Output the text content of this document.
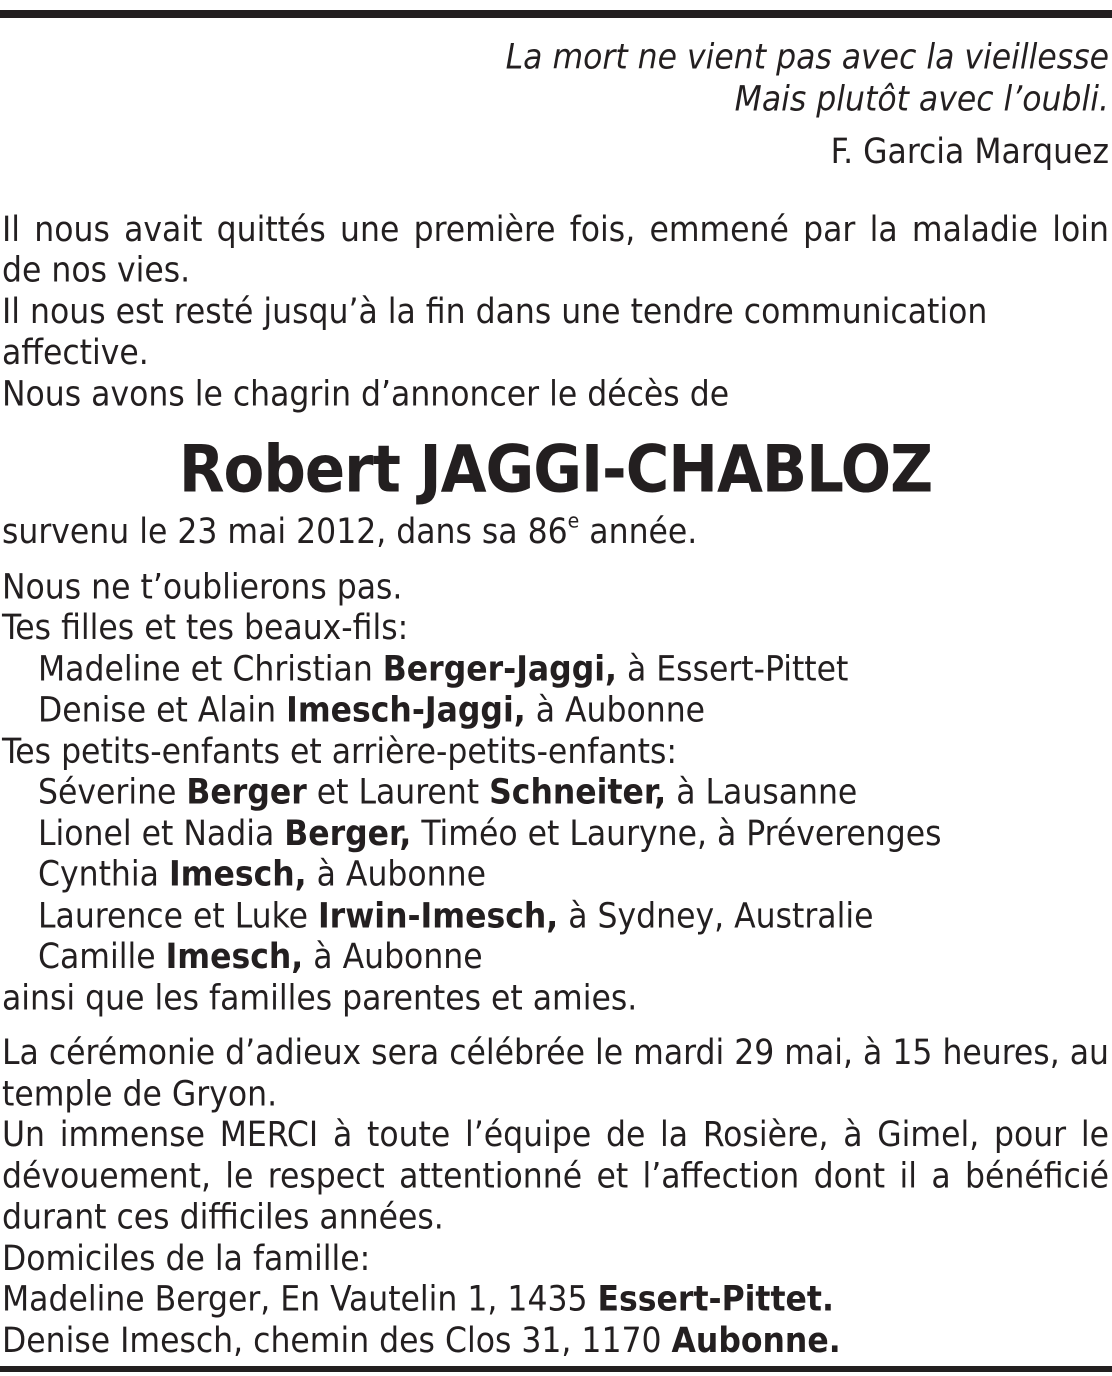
La mort ne vient pas avec la vieillesse
Mais plutôt avec l’oubli.
F. Garcia Marquez
Il nous avait quittés une première fois, emmené par la maladie loin de nos vies.
Il nous est resté jusqu’à la fin dans une tendre communication affective.
Nous avons le chagrin d’annoncer le décès de
Robert JAGGI-CHABLOZ
survenu le 23 mai 2012, dans sa 86e année.
Nous ne t’oublierons pas.
Tes filles et tes beaux-fils:
Madeline et Christian Berger-Jaggi, à Essert-Pittet
Denise et Alain Imesch-Jaggi, à Aubonne
Tes petits-enfants et arrière-petits-enfants:
Séverine Berger et Laurent Schneiter, à Lausanne
Lionel et Nadia Berger, Timéo et Lauryne, à Préverenges
Cynthia Imesch, à Aubonne
Laurence et Luke Irwin-Imesch, à Sydney, Australie
Camille Imesch, à Aubonne
ainsi que les familles parentes et amies.
La cérémonie d’adieux sera célébrée le mardi 29 mai, à 15 heures, au temple de Gryon.
Un immense MERCI à toute l’équipe de la Rosière, à Gimel, pour le dévouement, le respect attentionné et l’affection dont il a bénéficié durant ces difficiles années.
Domiciles de la famille:
Madeline Berger, En Vautelin 1, 1435 Essert-Pittet.
Denise Imesch, chemin des Clos 31, 1170 Aubonne.
